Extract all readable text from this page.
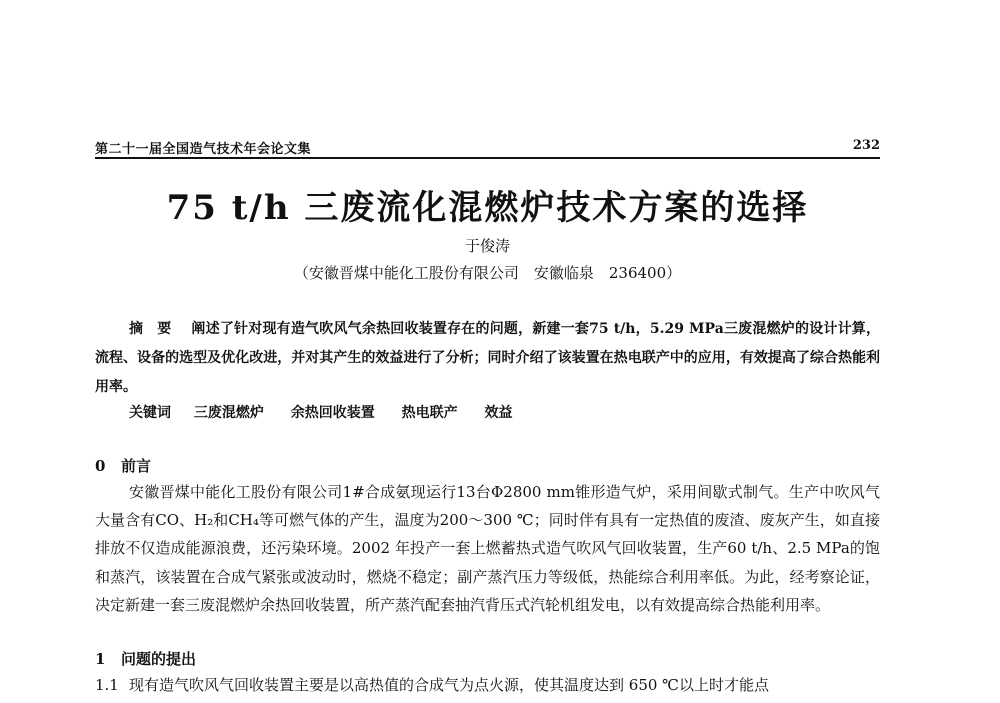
第二十一届全国造气技术年会论文集	232
75 t/h 三废流化混燃炉技术方案的选择
于俊涛
（安徽晋煤中能化工股份有限公司　安徽临泉　236400）
摘要 阐述了针对现有造气吹风气余热回收装置存在的问题，新建一套75 t/h，5.29 MPa三废混燃炉的设计计算，流程、设备的选型及优化改进，并对其产生的效益进行了分析；同时介绍了该装置在热电联产中的应用，有效提高了综合热能利用率。
关键词 三废混燃炉 余热回收装置 热电联产 效益
0 前言
安徽晋煤中能化工股份有限公司1#合成氨现运行13台Φ2800 mm锥形造气炉，采用间歇式制气。生产中吹风气大量含有CO、H₂和CH₄等可燃气体的产生，温度为200～300 ℃；同时伴有具有一定热值的废渣、废灰产生，如直接排放不仅造成能源浪费，还污染环境。2002 年投产一套上燃蓄热式造气吹风气回收装置，生产60 t/h、2.5 MPa的饱和蒸汽，该装置在合成气紧张或波动时，燃烧不稳定；副产蒸汽压力等级低，热能综合利用率低。为此，经考察论证，决定新建一套三废混燃炉余热回收装置，所产蒸汽配套抽汽背压式汽轮机组发电，以有效提高综合热能利用率。
1 问题的提出
1.1 现有造气吹风气回收装置主要是以高热值的合成气为点火源，使其温度达到 650 ℃以上时才能点
